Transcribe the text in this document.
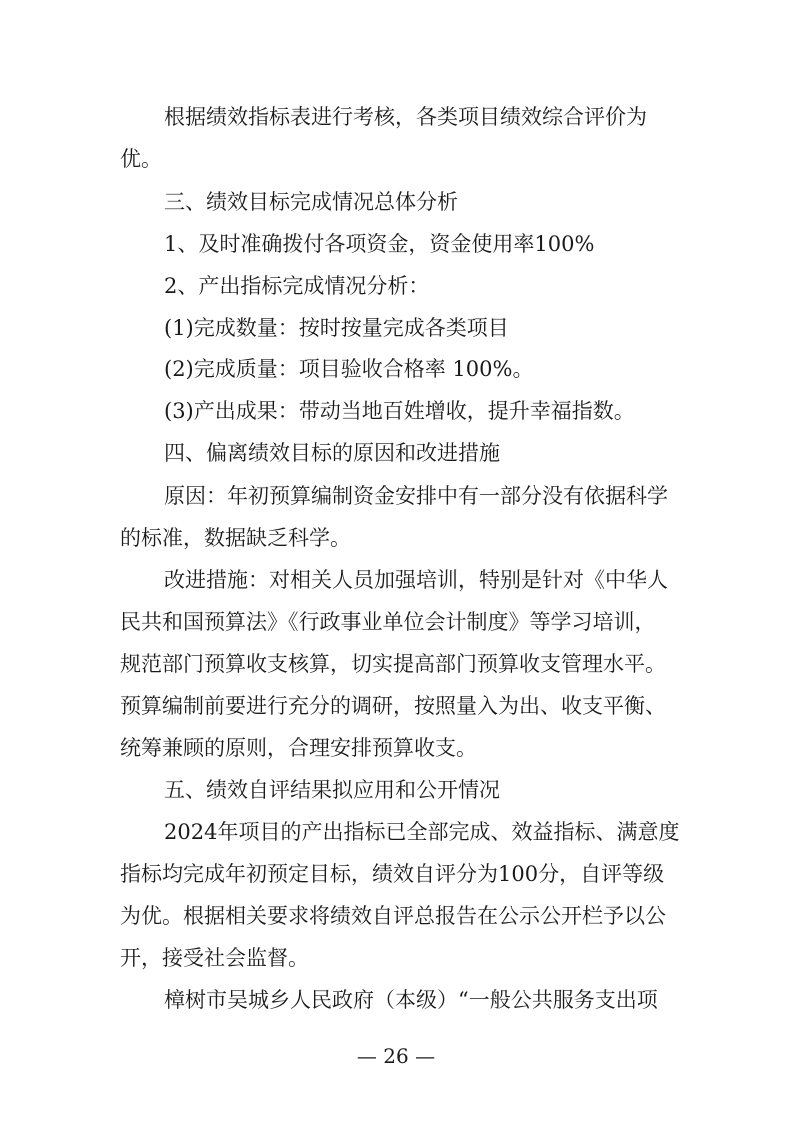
根据绩效指标表进行考核，各类项目绩效综合评价为
优。
三、绩效目标完成情况总体分析
1、及时准确拨付各项资金，资金使用率100%
2、产出指标完成情况分析：
(1)完成数量：按时按量完成各类项目
(2)完成质量：项目验收合格率 100%。
(3)产出成果：带动当地百姓增收，提升幸福指数。
四、偏离绩效目标的原因和改进措施
原因：年初预算编制资金安排中有一部分没有依据科学
的标准，数据缺乏科学。
改进措施：对相关人员加强培训，特别是针对《中华人
民共和国预算法》《行政事业单位会计制度》等学习培训，
规范部门预算收支核算，切实提高部门预算收支管理水平。
预算编制前要进行充分的调研，按照量入为出、收支平衡、
统筹兼顾的原则，合理安排预算收支。
五、绩效自评结果拟应用和公开情况
2024年项目的产出指标已全部完成、效益指标、满意度
指标均完成年初预定目标，绩效自评分为100分，自评等级
为优。根据相关要求将绩效自评总报告在公示公开栏予以公
开，接受社会监督。
樟树市吴城乡人民政府（本级）“一般公共服务支出项
— 26 —
